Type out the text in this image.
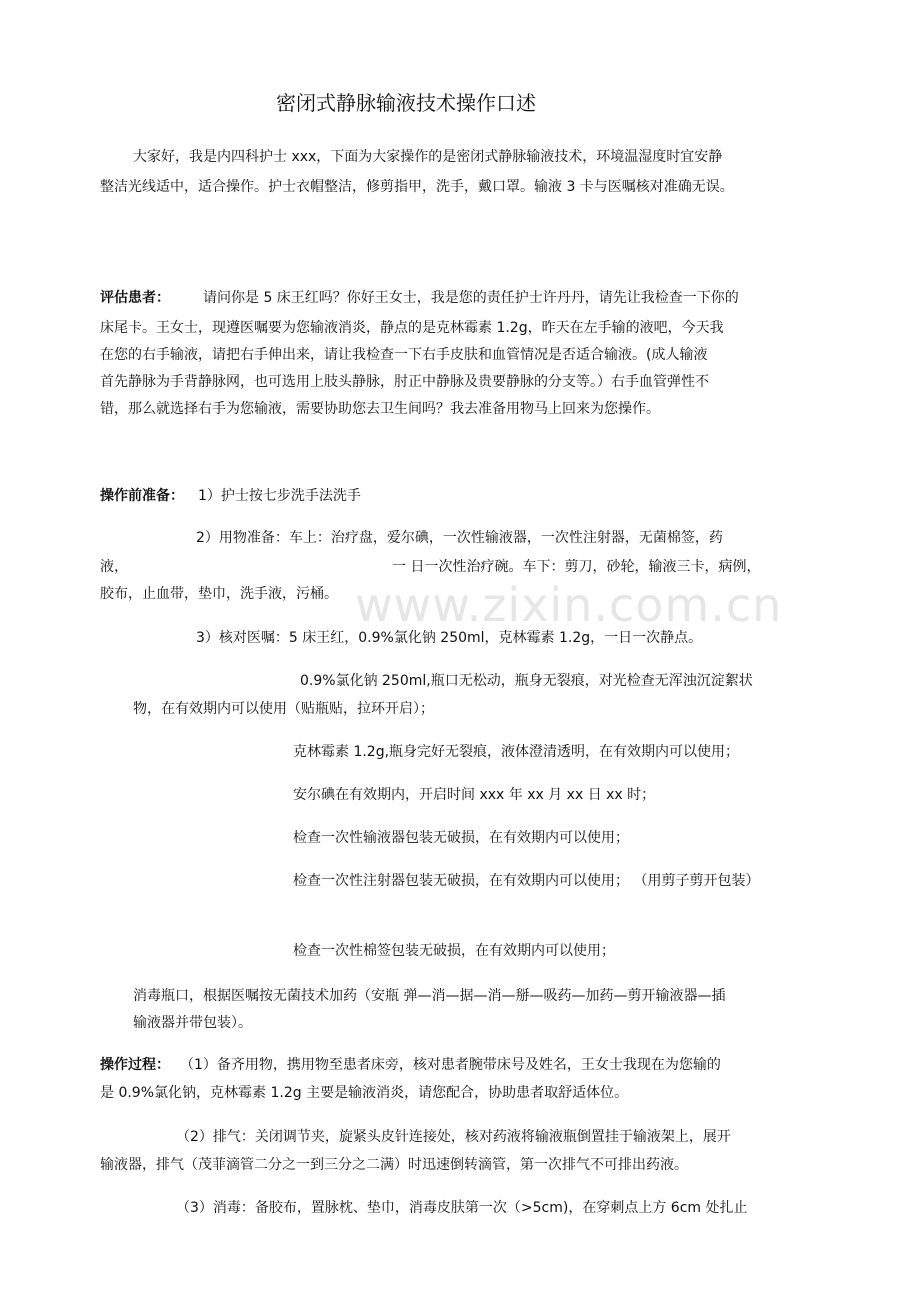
www.zixin.com.cn
密闭式静脉输液技术操作口述
大家好，我是内四科护士 xxx，下面为大家操作的是密闭式静脉输液技术，环境温湿度时宜安静
整洁光线适中，适合操作。护士衣帽整洁，修剪指甲，洗手，戴口罩。输液 3 卡与医嘱核对准确无误。
评估患者： 请问你是 5 床王红吗？你好王女士，我是您的责任护士许丹丹，请先让我检查一下你的
床尾卡。王女士，现遵医嘱要为您输液消炎，静点的是克林霉素 1.2g，昨天在左手输的液吧，今天我
在您的右手输液，请把右手伸出来，请让我检查一下右手皮肤和血管情况是否适合输液。(成人输液
首先静脉为手背静脉网，也可选用上肢头静脉，肘正中静脉及贵要静脉的分支等。）右手血管弹性不
错，那么就选择右手为您输液，需要协助您去卫生间吗？我去准备用物马上回来为您操作。
操作前准备： 1）护士按七步洗手法洗手
2）用物准备：车上：治疗盘，爱尔碘，一次性输液器，一次性注射器，无菌棉签，药
液，	一 日一次性治疗碗。车下：剪刀，砂轮，输液三卡，病例，
胶布，止血带，垫巾，洗手液，污桶。
3）核对医嘱：5 床王红，0.9%氯化钠 250ml，克林霉素 1.2g，一日一次静点。
0.9%氯化钠 250ml,瓶口无松动，瓶身无裂痕，对光检查无浑浊沉淀絮状
物，在有效期内可以使用（贴瓶贴，拉环开启）；
克林霉素 1.2g,瓶身完好无裂痕，液体澄清透明，在有效期内可以使用；
安尔碘在有效期内，开启时间 xxx 年 xx 月 xx 日 xx 时；
检查一次性输液器包装无破损，在有效期内可以使用；
检查一次性注射器包装无破损，在有效期内可以使用； （用剪子剪开包装）
检查一次性棉签包装无破损，在有效期内可以使用；
消毒瓶口，根据医嘱按无菌技术加药（安瓶 弹—消—据—消—掰—吸药—加药—剪开输液器—插
输液器并带包装）。
操作过程： （1）备齐用物，携用物至患者床旁，核对患者腕带床号及姓名，王女士我现在为您输的
是 0.9%氯化钠，克林霉素 1.2g 主要是输液消炎，请您配合，协助患者取舒适体位。
（2）排气：关闭调节夹，旋紧头皮针连接处，核对药液将输液瓶倒置挂于输液架上，展开
输液器，排气（茂菲滴管二分之一到三分之二满）时迅速倒转滴管，第一次排气不可排出药液。
（3）消毒：备胶布，置脉枕、垫巾，消毒皮肤第一次（>5cm)，在穿刺点上方 6cm 处扎止
